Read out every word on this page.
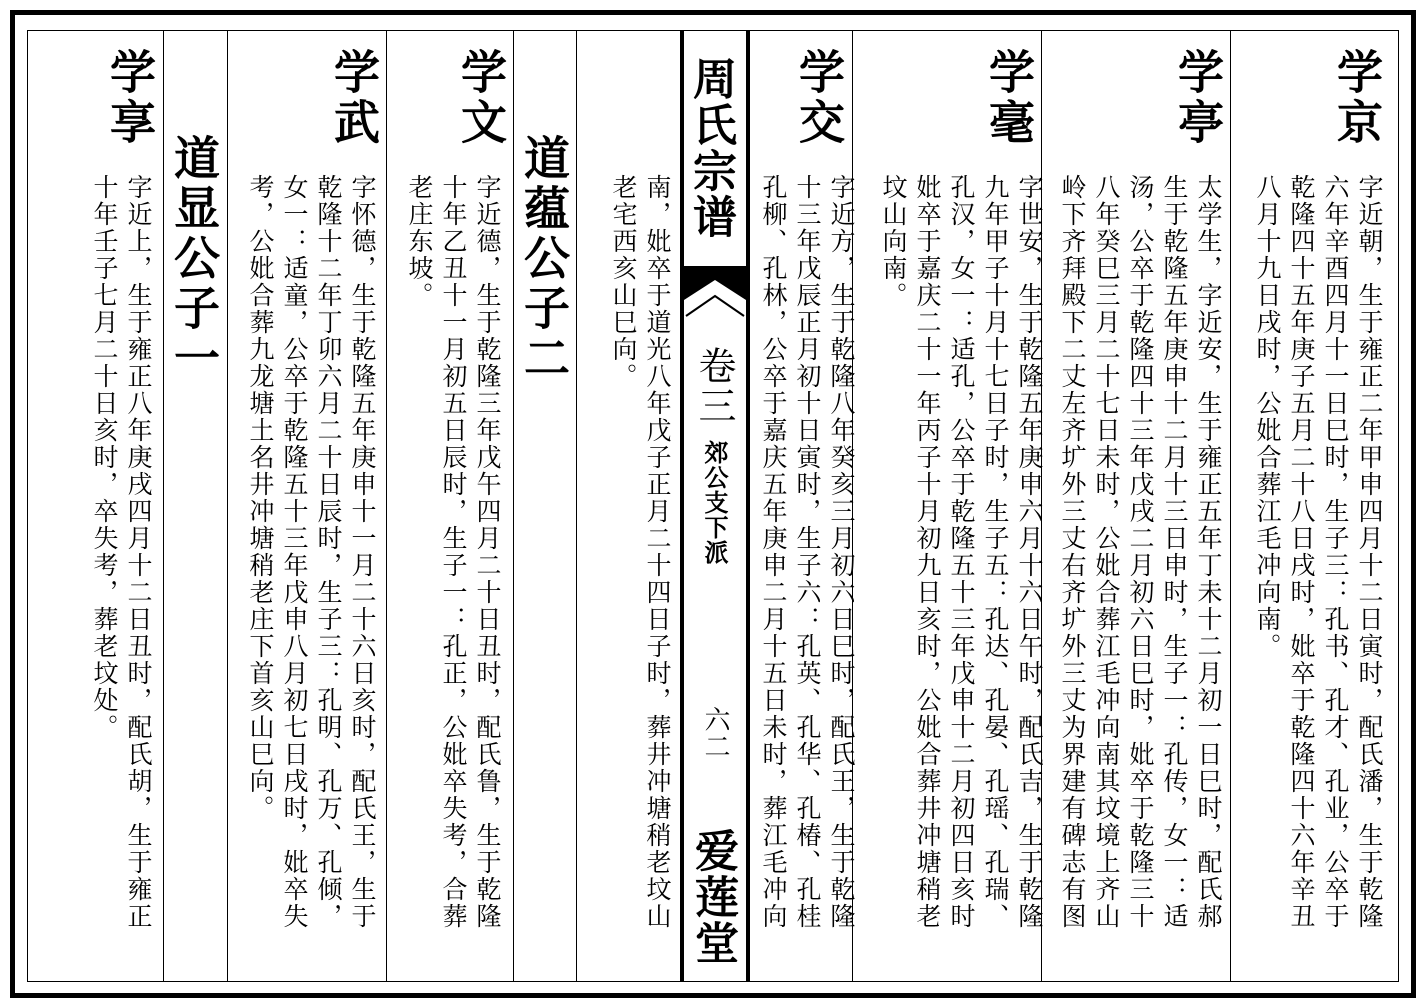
学京

字近朝，生于雍正二年甲申四月十二日寅时，配氏潘，生于乾隆

六年辛酉四月十一日巳时，生子三：孔书、孔才、孔业，公卒于

乾隆四十五年庚子五月二十八日戌时，妣卒于乾隆四十六年辛丑

八月十九日戌时，公妣合葬江毛冲向南。

学亭

太学生，字近安，生于雍正五年丁未十二月初一日巳时，配氏郝

生于乾隆五年庚申十二月十三日申时，生子一：孔传，女一：适

汤，公卒于乾隆四十三年戊戌二月初六日巳时，妣卒于乾隆三十

八年癸巳三月二十七日未时，公妣合葬江毛冲向南其坟境上齐山

岭下齐拜殿下二丈左齐圹外三丈右齐圹外三丈为界建有碑志有图

学毫

字世安，生于乾隆五年庚申六月十六日午时，配氏吉，生于乾隆

九年甲子十月十七日子时，生子五：孔达、孔晏、孔瑶、孔瑞、

孔汉，女一：适孔，公卒于乾隆五十三年戊申十二月初四日亥时

妣卒于嘉庆二十一年丙子十月初九日亥时，公妣合葬井冲塘稍老

坟山向南。

学交

字近方，生于乾隆八年癸亥三月初六日巳时，配氏王，生于乾隆

十三年戊辰正月初十日寅时，生子六：孔英、孔华、孔椿、孔桂

孔柳、孔林，公卒于嘉庆五年庚申二月十五日未时，葬江毛冲向

周氏宗谱
卷三
郊公支下派
六二
爱莲堂

南，妣卒于道光八年戊子正月二十四日子时，葬井冲塘稍老坟山

老宅西亥山巳向。

道蕴公子二
学文

字近德，生于乾隆三年戊午四月二十日丑时，配氏鲁，生于乾隆

十年乙丑十一月初五日辰时，生子一：孔正，公妣卒失考，合葬

老庄东坡。

学武

字怀德，生于乾隆五年庚申十一月二十六日亥时，配氏王，生于

乾隆十二年丁卯六月二十日辰时，生子三：孔明、孔万、孔倾，

女一：适童，公卒于乾隆五十三年戊申八月初七日戌时，妣卒失

考，公妣合葬九龙塘土名井冲塘稍老庄下首亥山巳向。

道显公子一
学享

字近上，生于雍正八年庚戌四月十二日丑时，配氏胡，生于雍正

十年壬子七月二十日亥时，卒失考，葬老坟处。
